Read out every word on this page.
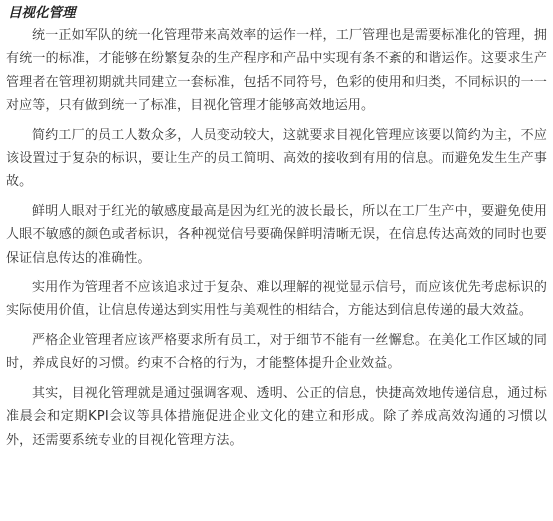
目视化管理

统一正如军队的统一化管理带来高效率的运作一样，工厂管理也是需要标准化的管理，拥有统一的标准，才能够在纷繁复杂的生产程序和产品中实现有条不紊的和谐运作。这要求生产管理者在管理初期就共同建立一套标准，包括不同符号，色彩的使用和归类，不同标识的一一对应等，只有做到统一了标准，目视化管理才能够高效地运用。

简约工厂的员工人数众多，人员变动较大，这就要求目视化管理应该要以简约为主，不应该设置过于复杂的标识，要让生产的员工简明、高效的接收到有用的信息。而避免发生生产事故。

鲜明人眼对于红光的敏感度最高是因为红光的波长最长，所以在工厂生产中，要避免使用人眼不敏感的颜色或者标识，各种视觉信号要确保鲜明清晰无误，在信息传达高效的同时也要保证信息传达的准确性。

实用作为管理者不应该追求过于复杂、难以理解的视觉显示信号，而应该优先考虑标识的实际使用价值，让信息传递达到实用性与美观性的相结合，方能达到信息传递的最大效益。

严格企业管理者应该严格要求所有员工，对于细节不能有一丝懈怠。在美化工作区域的同时，养成良好的习惯。约束不合格的行为，才能整体提升企业效益。

其实，目视化管理就是通过强调客观、透明、公正的信息，快捷高效地传递信息，通过标准晨会和定期KPI会议等具体措施促进企业文化的建立和形成。除了养成高效沟通的习惯以外，还需要系统专业的目视化管理方法。
